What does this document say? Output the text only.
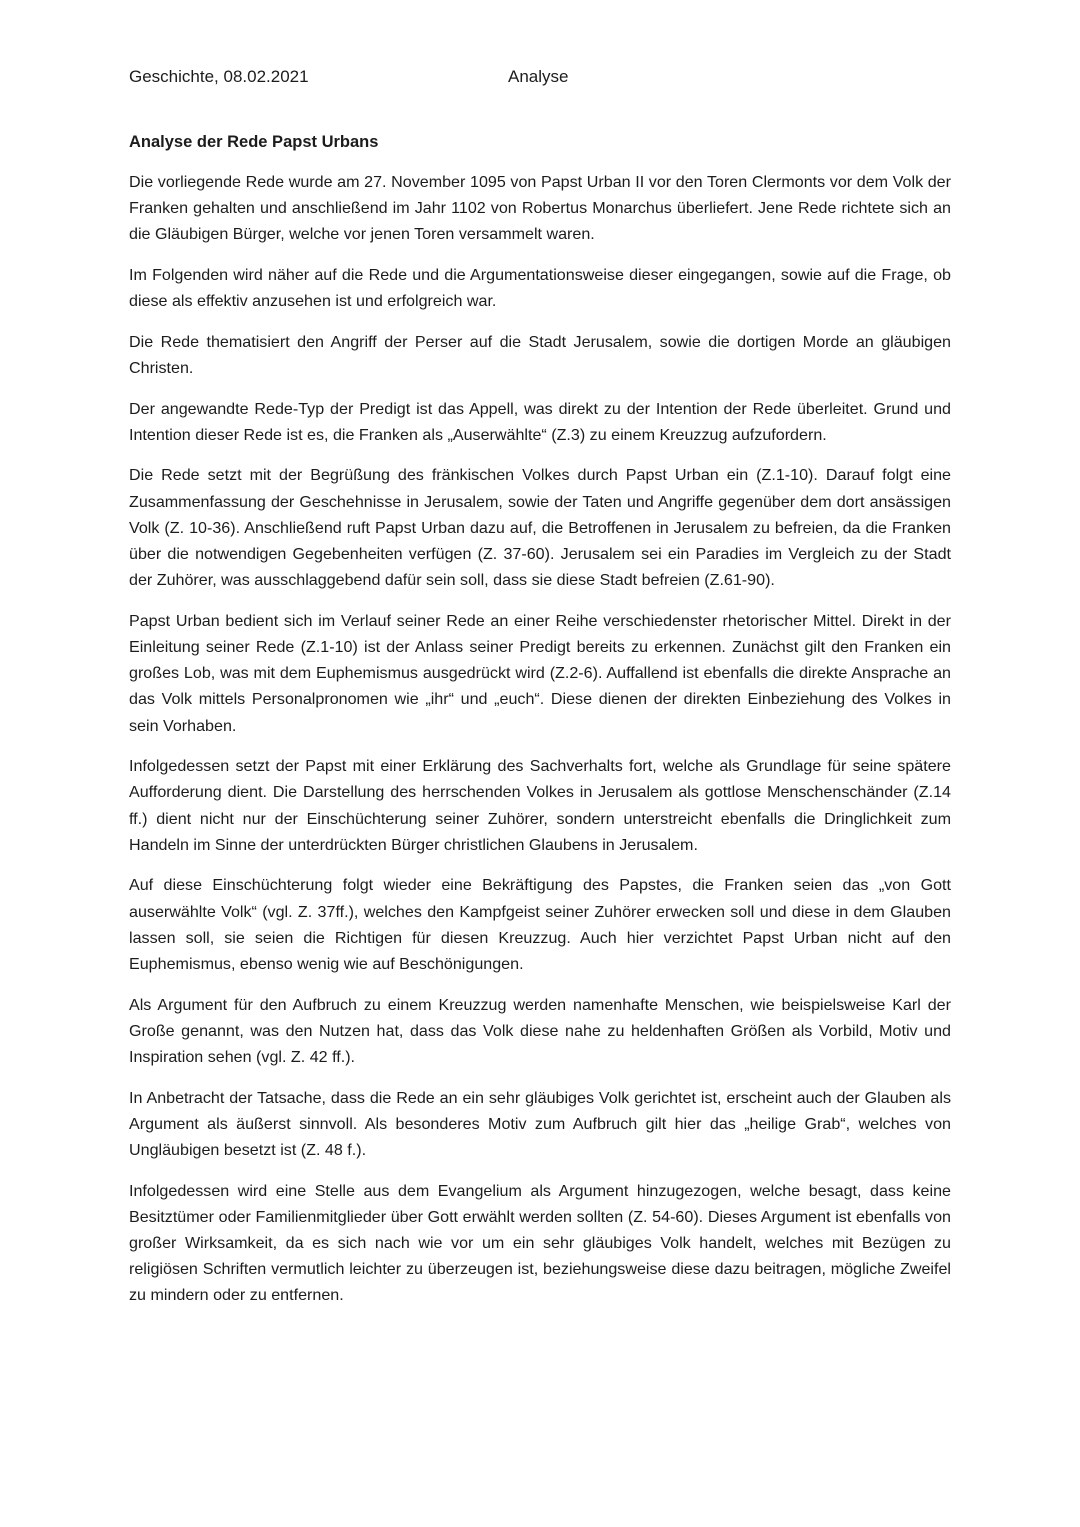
Geschichte, 08.02.2021	Analyse
Analyse der Rede Papst Urbans

Die vorliegende Rede wurde am 27. November 1095 von Papst Urban II vor den Toren Clermonts vor dem Volk der Franken gehalten und anschließend im Jahr 1102 von Robertus Monarchus überliefert. Jene Rede richtete sich an die Gläubigen Bürger, welche vor jenen Toren versammelt waren.

Im Folgenden wird näher auf die Rede und die Argumentationsweise dieser eingegangen, sowie auf die Frage, ob diese als effektiv anzusehen ist und erfolgreich war.

Die Rede thematisiert den Angriff der Perser auf die Stadt Jerusalem, sowie die dortigen Morde an gläubigen Christen.

Der angewandte Rede-Typ der Predigt ist das Appell, was direkt zu der Intention der Rede überleitet. Grund und Intention dieser Rede ist es, die Franken als „Auserwählte“ (Z.3) zu einem Kreuzzug aufzufordern.

Die Rede setzt mit der Begrüßung des fränkischen Volkes durch Papst Urban ein (Z.1-10). Darauf folgt eine Zusammenfassung der Geschehnisse in Jerusalem, sowie der Taten und Angriffe gegenüber dem dort ansässigen Volk (Z. 10-36). Anschließend ruft Papst Urban dazu auf, die Betroffenen in Jerusalem zu befreien, da die Franken über die notwendigen Gegebenheiten verfügen (Z. 37-60). Jerusalem sei ein Paradies im Vergleich zu der Stadt der Zuhörer, was ausschlaggebend dafür sein soll, dass sie diese Stadt befreien (Z.61-90).

Papst Urban bedient sich im Verlauf seiner Rede an einer Reihe verschiedenster rhetorischer Mittel. Direkt in der Einleitung seiner Rede (Z.1-10) ist der Anlass seiner Predigt bereits zu erkennen. Zunächst gilt den Franken ein großes Lob, was mit dem Euphemismus ausgedrückt wird (Z.2-6). Auffallend ist ebenfalls die direkte Ansprache an das Volk mittels Personalpronomen wie „ihr“ und „euch“. Diese dienen der direkten Einbeziehung des Volkes in sein Vorhaben.

Infolgedessen setzt der Papst mit einer Erklärung des Sachverhalts fort, welche als Grundlage für seine spätere Aufforderung dient. Die Darstellung des herrschenden Volkes in Jerusalem als gottlose Menschenschänder (Z.14 ff.) dient nicht nur der Einschüchterung seiner Zuhörer, sondern unterstreicht ebenfalls die Dringlichkeit zum Handeln im Sinne der unterdrückten Bürger christlichen Glaubens in Jerusalem.

Auf diese Einschüchterung folgt wieder eine Bekräftigung des Papstes, die Franken seien das „von Gott auserwählte Volk“ (vgl. Z. 37ff.), welches den Kampfgeist seiner Zuhörer erwecken soll und diese in dem Glauben lassen soll, sie seien die Richtigen für diesen Kreuzzug. Auch hier verzichtet Papst Urban nicht auf den Euphemismus, ebenso wenig wie auf Beschönigungen.

Als Argument für den Aufbruch zu einem Kreuzzug werden namenhafte Menschen, wie beispielsweise Karl der Große genannt, was den Nutzen hat, dass das Volk diese nahe zu heldenhaften Größen als Vorbild, Motiv und Inspiration sehen (vgl. Z. 42 ff.).

In Anbetracht der Tatsache, dass die Rede an ein sehr gläubiges Volk gerichtet ist, erscheint auch der Glauben als Argument als äußerst sinnvoll. Als besonderes Motiv zum Aufbruch gilt hier das „heilige Grab“, welches von Ungläubigen besetzt ist (Z. 48 f.).

Infolgedessen wird eine Stelle aus dem Evangelium als Argument hinzugezogen, welche besagt, dass keine Besitztümer oder Familienmitglieder über Gott erwählt werden sollten (Z. 54-60). Dieses Argument ist ebenfalls von großer Wirksamkeit, da es sich nach wie vor um ein sehr gläubiges Volk handelt, welches mit Bezügen zu religiösen Schriften vermutlich leichter zu überzeugen ist, beziehungsweise diese dazu beitragen, mögliche Zweifel zu mindern oder zu entfernen.
